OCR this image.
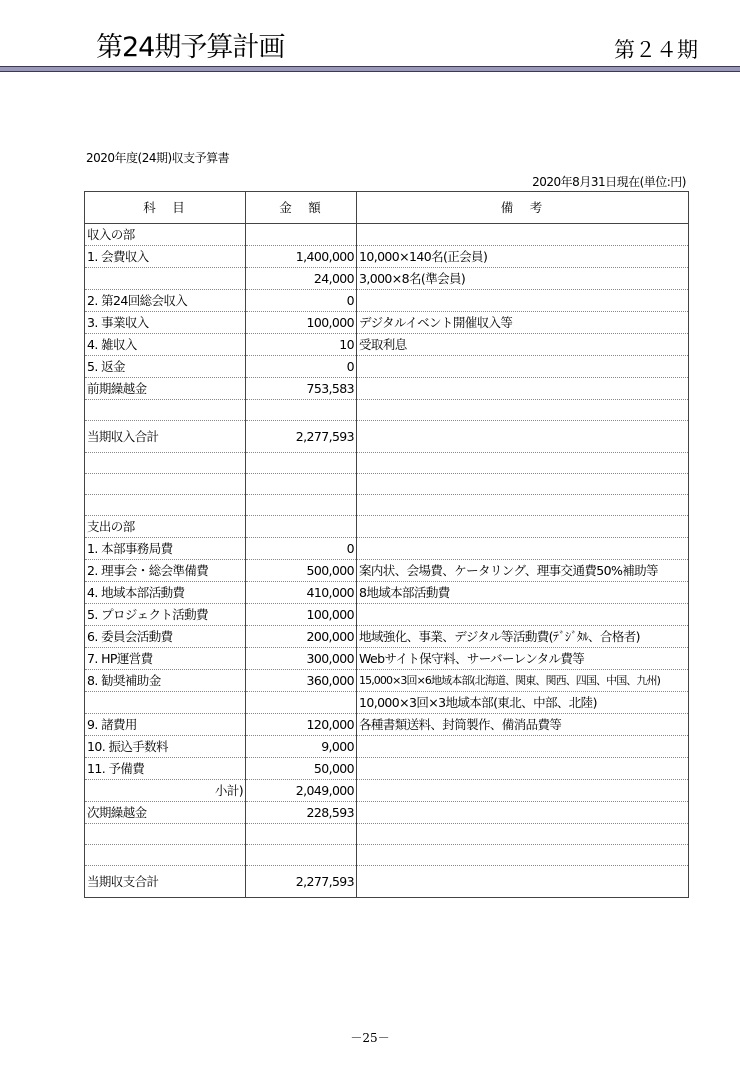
第24期予算計画	第２４期
2020年度(24期)収支予算書
2020年8月31日現在(単位:円)
科　目	金　額	備　考
収入の部		
1. 会費収入	1,400,000	10,000×140名(正会員)
	24,000	3,000×8名(準会員)
2. 第24回総会収入	0	
3. 事業収入	100,000	デジタルイベント開催収入等
4. 雑収入	10	受取利息
5. 返金	0	
前期繰越金	753,583	

当期収入合計	2,277,593	

支出の部		
1. 本部事務局費	0	
2. 理事会・総会準備費	500,000	案内状、会場費、ケータリング、理事交通費50%補助等
4. 地域本部活動費	410,000	8地域本部活動費
5. プロジェクト活動費	100,000	
6. 委員会活動費	200,000	地域強化、事業、デジタル等活動費(ﾃﾞｼﾞﾀﾙ、合格者)
7. HP運営費	300,000	Webサイト保守料、サーバーレンタル費等
8. 勧奨補助金	360,000	15,000×3回×6地域本部(北海道、関東、関西、四国、中国、九州)
		10,000×3回×3地域本部(東北、中部、北陸)
9. 諸費用	120,000	各種書類送料、封筒製作、備消品費等
10. 振込手数料	9,000	
11. 予備費	50,000	
小計)	2,049,000	
次期繰越金	228,593	

当期収支合計	2,277,593	
－25－
